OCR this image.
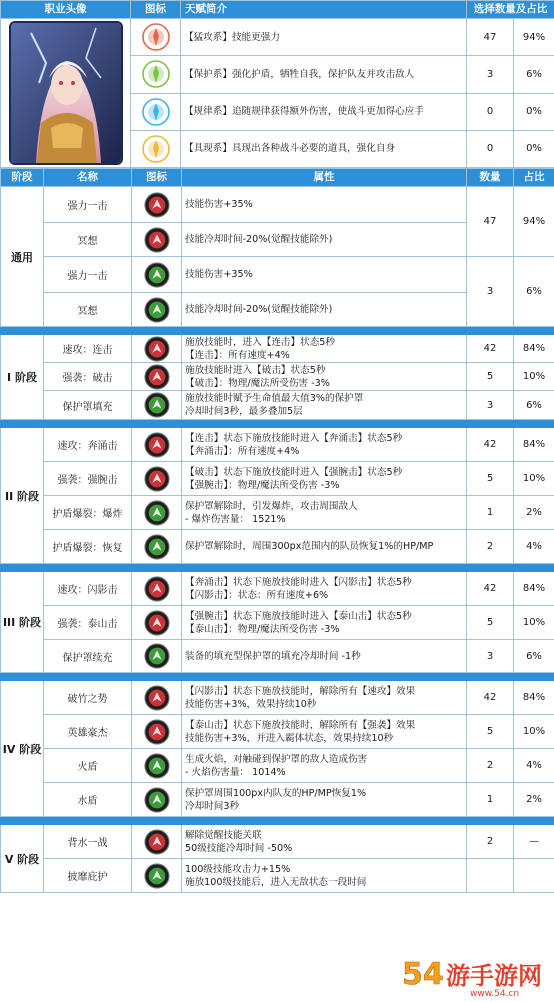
职业头像	图标	天赋简介	选择数量及占比	

	【猛攻系】技能更强力	47	94%

	【保护系】强化护盾，牺牲自我，保护队友并攻击敌人	3	6%

	【规律系】追随规律获得额外伤害，使战斗更加得心应手	0	0%

	【具现系】具现出各种战斗必要的道具，强化自身	0	0%
阶段	名称	图标	属性	数量	占比
通用	强力一击		技能伤害+35%	47	94%
	冥想		技能冷却时间-20%(觉醒技能除外)		

	强力一击		技能伤害+35%	3	6%
	冥想		技能冷却时间-20%(觉醒技能除外)		

I 阶段	速攻：连击		施放技能时，进入【连击】状态5秒
【连击】：所有速度+4%	42	84%
	强袭：破击		施放技能时进入【破击】状态5秒
【破击】：物理/魔法所受伤害 -3%	5	10%
	保护罩填充		施放技能时赋予生命值最大值3%的保护罩
冷却时间3秒，最多叠加5层	3	6%

II 阶段	速攻：奔涌击		【连击】状态下施放技能时进入【奔涌击】状态5秒
【奔涌击】：所有速度+4%	42	84%
	强袭：强腕击		【破击】状态下施放技能时进入【强腕击】状态5秒
【强腕击】：物理/魔法所受伤害 -3%	5	10%
	护盾爆裂：爆炸		保护罩解除时，引发爆炸，攻击周围敌人
- 爆炸伤害量： 1521%	1	2%
	护盾爆裂：恢复		保护罩解除时，周围300px范围内的队员恢复1%的HP/MP	2	4%

III 阶段	速攻：闪影击		【奔涌击】状态下施放技能时进入【闪影击】状态5秒
【闪影击】：状态：所有速度+6%	42	84%
	强袭：泰山击		【强腕击】状态下施放技能时进入【泰山击】状态5秒
【泰山击】：物理/魔法所受伤害 -3%	5	10%
	保护罩续充		装备的填充型保护罩的填充冷却时间 -1秒	3	6%

IV 阶段	破竹之势		【闪影击】状态下施放技能时，解除所有【速攻】效果
技能伤害+3%，效果持续10秒	42	84%
	英雄豪杰		【泰山击】状态下施放技能时，解除所有【强袭】效果
技能伤害+3%，并进入霸体状态，效果持续10秒	5	10%
	火盾		生成火焰，对触碰到保护罩的敌人造成伤害
- 火焰伤害量： 1014%	2	4%
	水盾		保护罩周围100px内队友的HP/MP恢复1%
冷却时间3秒	1	2%

V 阶段	背水一战		解除觉醒技能关联
50级技能冷却时间 -50%	2	—
	披靡庇护		100级技能攻击力+15%
施放100级技能后，进入无敌状态一段时间		

54 游手游网
www.54.cn
